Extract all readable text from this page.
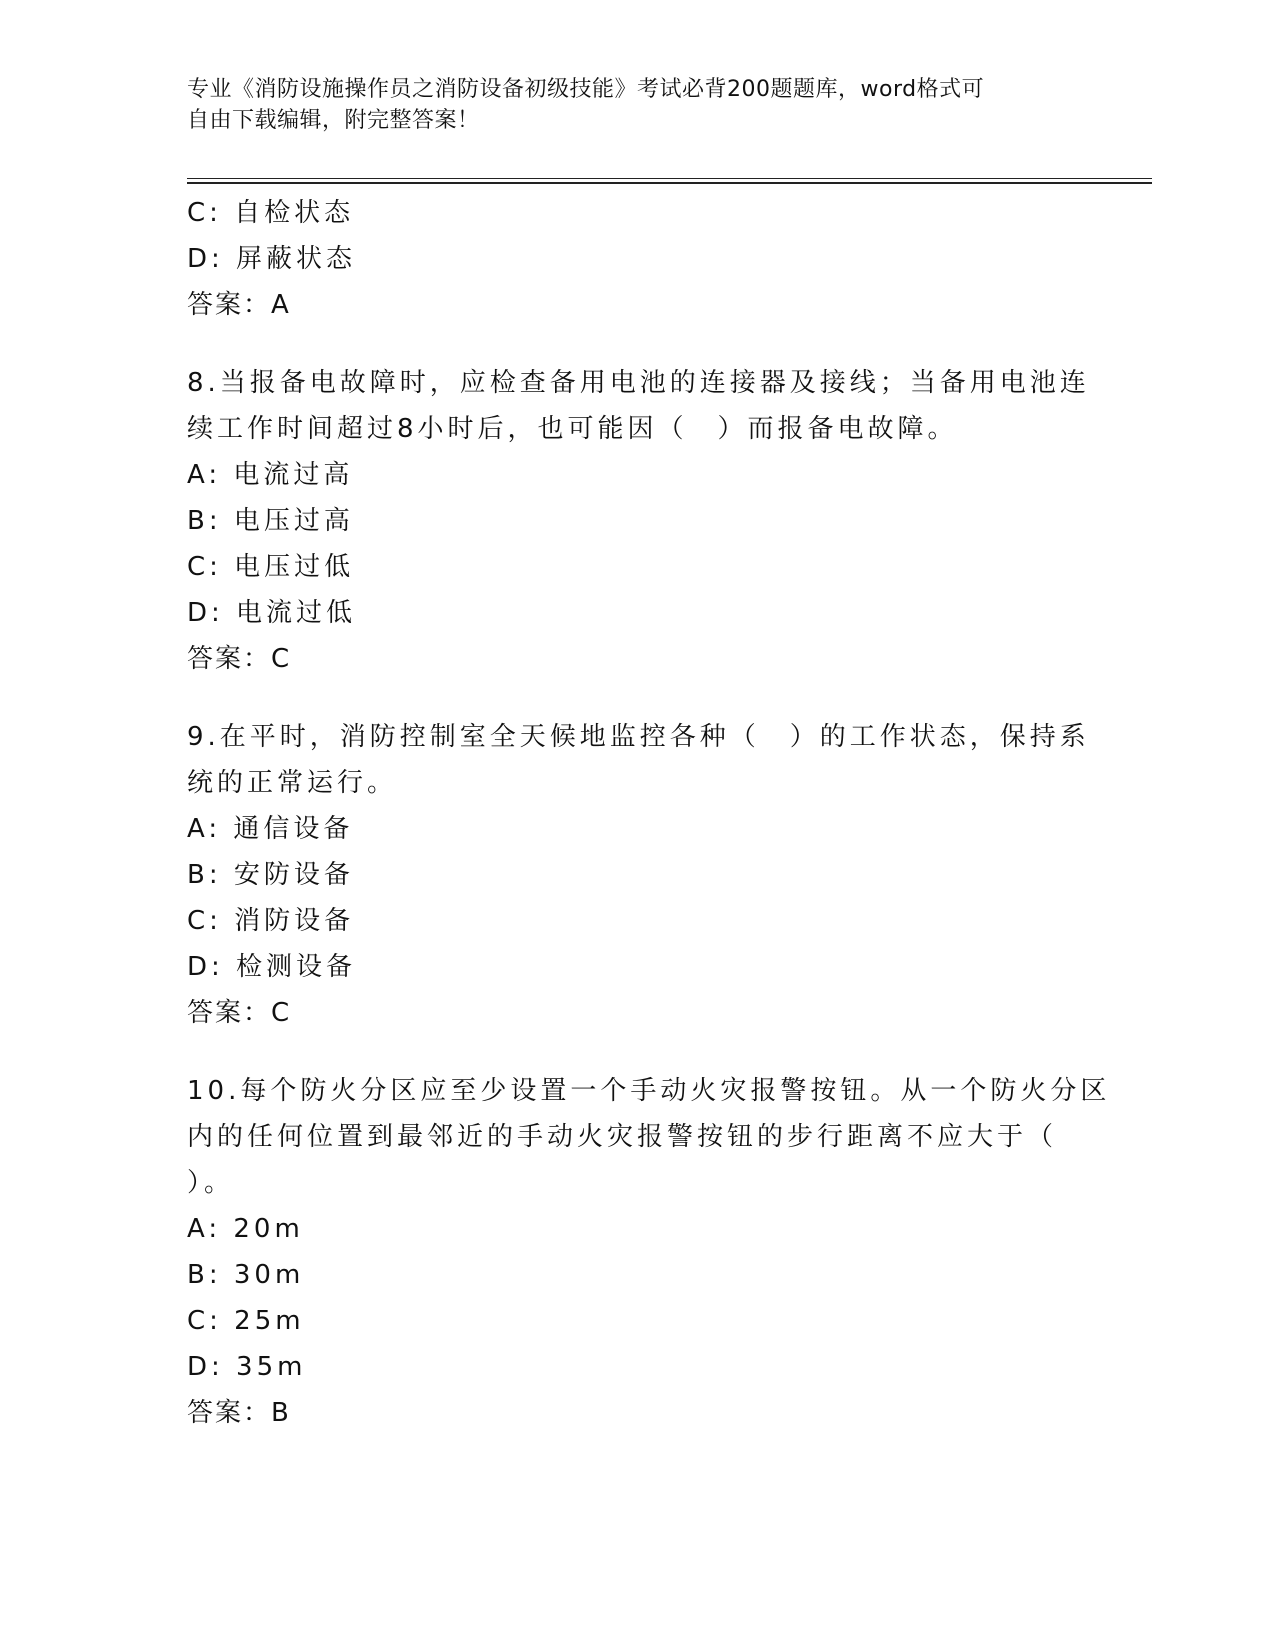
专业《消防设施操作员之消防设备初级技能》考试必背200题题库，word格式可
自由下载编辑，附完整答案！
C: 自检状态
D: 屏蔽状态
答案：A
8.当报备电故障时，应检查备用电池的连接器及接线；当备用电池连
续工作时间超过8小时后，也可能因（　）而报备电故障。
A: 电流过高
B: 电压过高
C: 电压过低
D: 电流过低
答案：C
9.在平时，消防控制室全天候地监控各种（　）的工作状态，保持系
统的正常运行。
A: 通信设备
B: 安防设备
C: 消防设备
D: 检测设备
答案：C
10.每个防火分区应至少设置一个手动火灾报警按钮。从一个防火分区
内的任何位置到最邻近的手动火灾报警按钮的步行距离不应大于（
）。
A: 20m
B: 30m
C: 25m
D: 35m
答案：B
